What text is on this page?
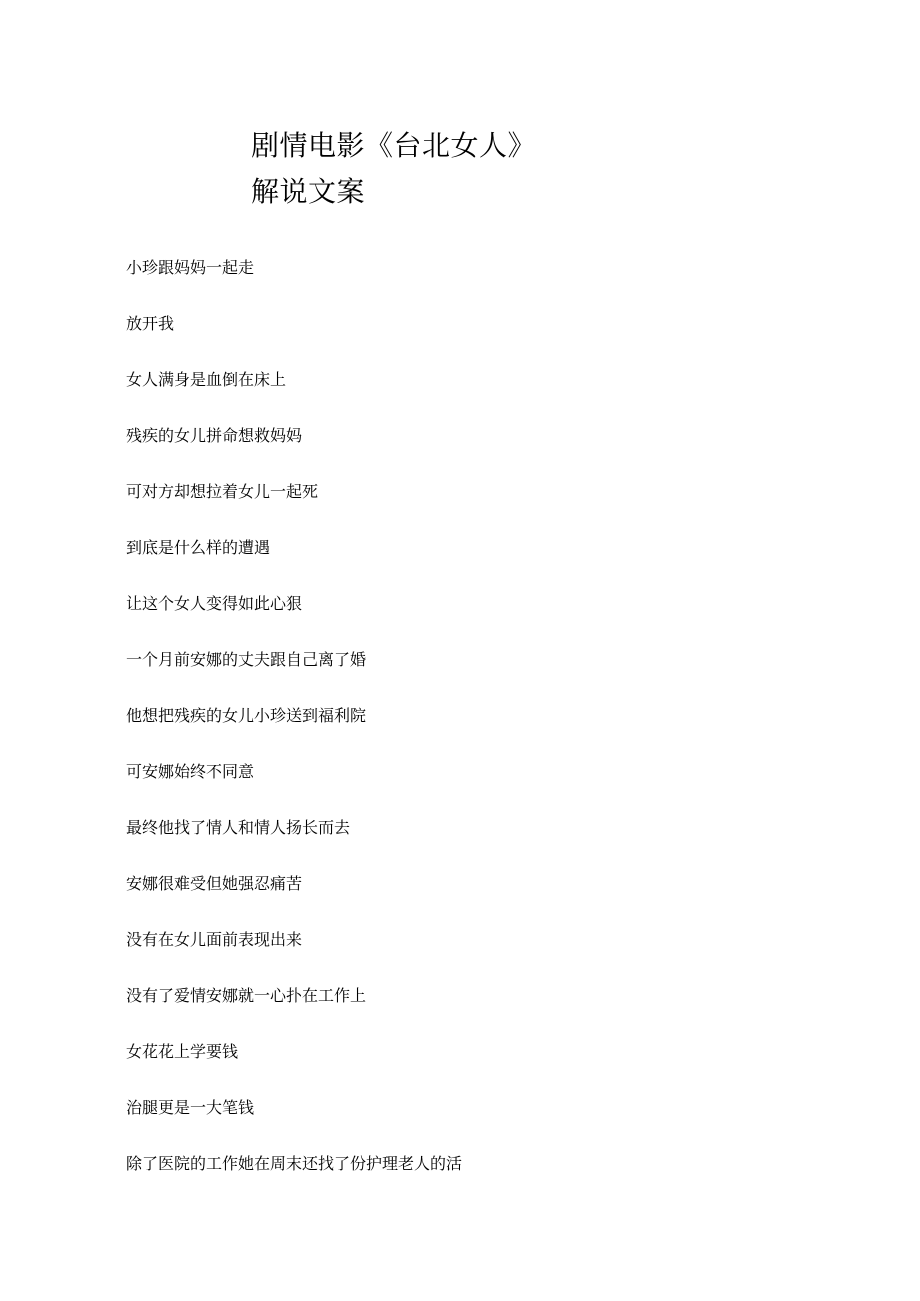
剧情电影《台北女人》
解说文案
小珍跟妈妈一起走
放开我
女人满身是血倒在床上
残疾的女儿拼命想救妈妈
可对方却想拉着女儿一起死
到底是什么样的遭遇
让这个女人变得如此心狠
一个月前安娜的丈夫跟自己离了婚
他想把残疾的女儿小珍送到福利院
可安娜始终不同意
最终他找了情人和情人扬长而去
安娜很难受但她强忍痛苦
没有在女儿面前表现出来
没有了爱情安娜就一心扑在工作上
女花花上学要钱
治腿更是一大笔钱
除了医院的工作她在周末还找了份护理老人的活
